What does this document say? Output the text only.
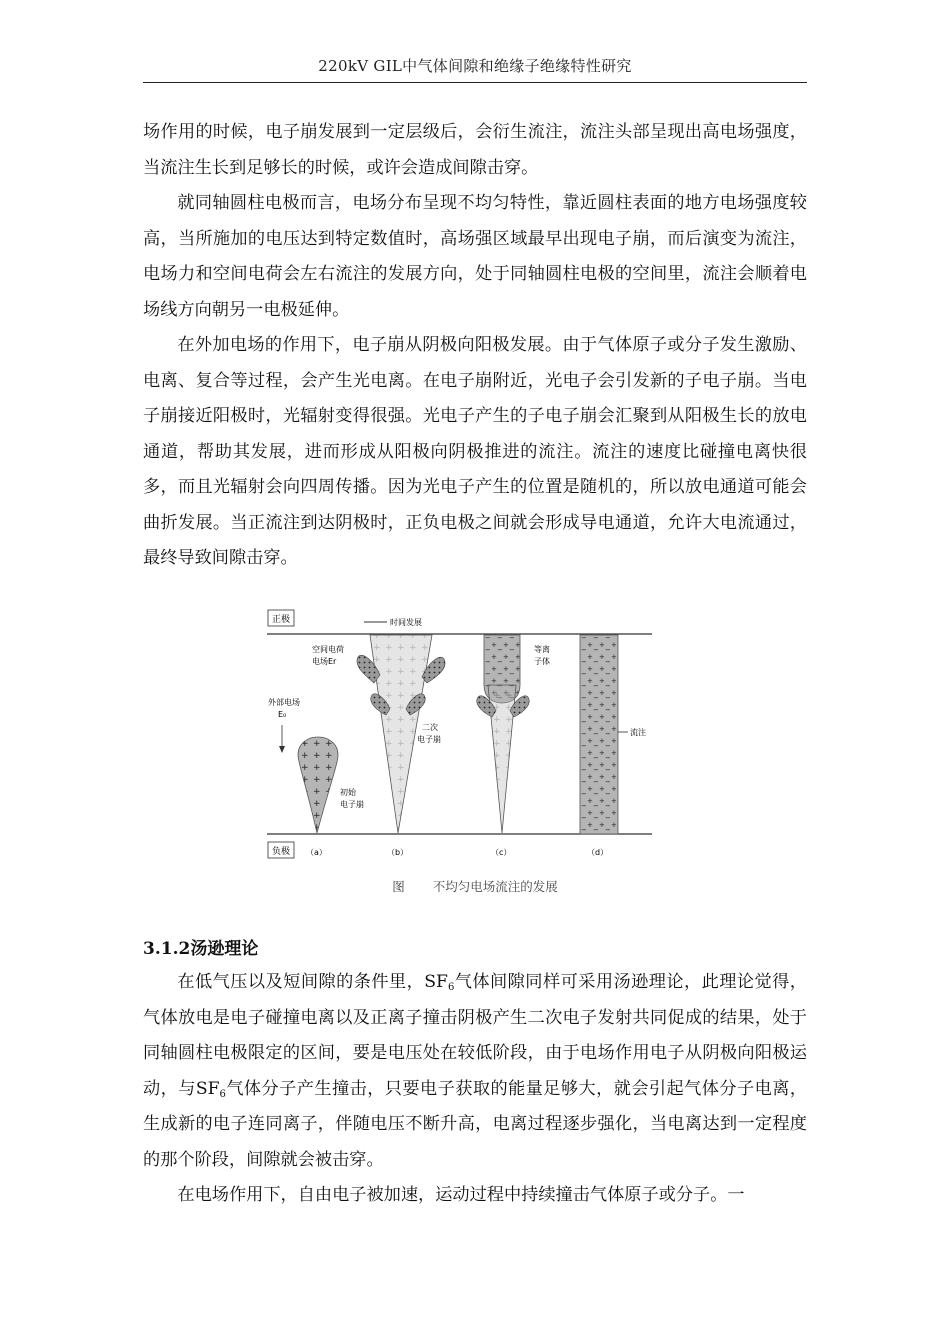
220kV GIL中气体间隙和绝缘子绝缘特性研究

场作用的时候，电子崩发展到一定层级后，会衍生流注，流注头部呈现出高电场强度，当流注生长到足够长的时候，或许会造成间隙击穿。

就同轴圆柱电极而言，电场分布呈现不均匀特性，靠近圆柱表面的地方电场强度较高，当所施加的电压达到特定数值时，高场强区域最早出现电子崩，而后演变为流注，电场力和空间电荷会左右流注的发展方向，处于同轴圆柱电极的空间里，流注会顺着电场线方向朝另一电极延伸。

在外加电场的作用下，电子崩从阴极向阳极发展。由于气体原子或分子发生激励、电离、复合等过程，会产生光电离。在电子崩附近，光电子会引发新的子电子崩。当电子崩接近阳极时，光辐射变得很强。光电子产生的子电子崩会汇聚到从阳极生长的放电通道，帮助其发展，进而形成从阳极向阴极推进的流注。流注的速度比碰撞电离快很多，而且光辐射会向四周传播。因为光电子产生的位置是随机的，所以放电通道可能会曲折发展。当正流注到达阴极时，正负电极之间就会形成导电通道，允许大电流通过，最终导致间隙击穿。

正极
负极
时间发展
外部电场
E₀
初始
电子崩
空间电荷
电场Er
二次
电子崩
等离
子体
流注
（a）	（b）	（c）	（d）
图 不均匀电场流注的发展
3.1.2汤逊理论

在低气压以及短间隙的条件里，$SF_6$气体间隙同样可采用汤逊理论，此理论觉得，气体放电是电子碰撞电离以及正离子撞击阴极产生二次电子发射共同促成的结果，处于同轴圆柱电极限定的区间，要是电压处在较低阶段，由于电场作用电子从阴极向阳极运动，与$SF_6$气体分子产生撞击，只要电子获取的能量足够大，就会引起气体分子电离，生成新的电子连同离子，伴随电压不断升高，电离过程逐步强化，当电离达到一定程度的那个阶段，间隙就会被击穿。

在电场作用下，自由电子被加速，运动过程中持续撞击气体原子或分子。一
